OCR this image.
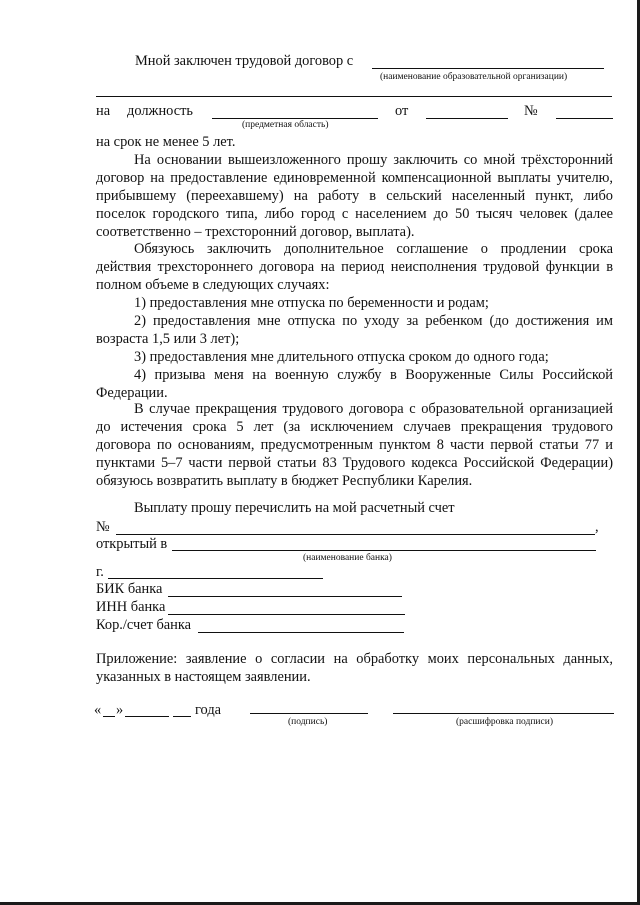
Мной заключен трудовой договор с
(наименование образовательной организации)
на должность	от	№
(предметная область)
на срок не менее 5 лет.
На основании вышеизложенного прошу заключить со мной трёхсторонний договор на предоставление единовременной компенсационной выплаты учителю, прибывшему (переехавшему) на работу в сельский населенный пункт, либо поселок городского типа, либо город с населением до 50 тысяч человек (далее соответственно – трехсторонний договор, выплата).
Обязуюсь заключить дополнительное соглашение о продлении срока действия трехстороннего договора на период неисполнения трудовой функции в полном объеме в следующих случаях:
1) предоставления мне отпуска по беременности и родам;
2) предоставления мне отпуска по уходу за ребенком (до достижения им возраста 1,5 или 3 лет);
3) предоставления мне длительного отпуска сроком до одного года;
4) призыва меня на военную службу в Вооруженные Силы Российской Федерации.
В случае прекращения трудового договора с образовательной организацией до истечения срока 5 лет (за исключением случаев прекращения трудового договора по основаниям, предусмотренным пунктом 8 части первой статьи 77 и пунктами 5–7 части первой статьи 83 Трудового кодекса Российской Федерации) обязуюсь возвратить выплату в бюджет Республики Карелия.
Выплату прошу перечислить на мой расчетный счет
№	,
открытый в
(наименование банка)
г.
БИК банка
ИНН банка
Кор./счет банка
Приложение: заявление о согласии на обработку моих персональных данных, указанных в настоящем заявлении.
« »	года
(подпись)	(расшифровка подписи)
